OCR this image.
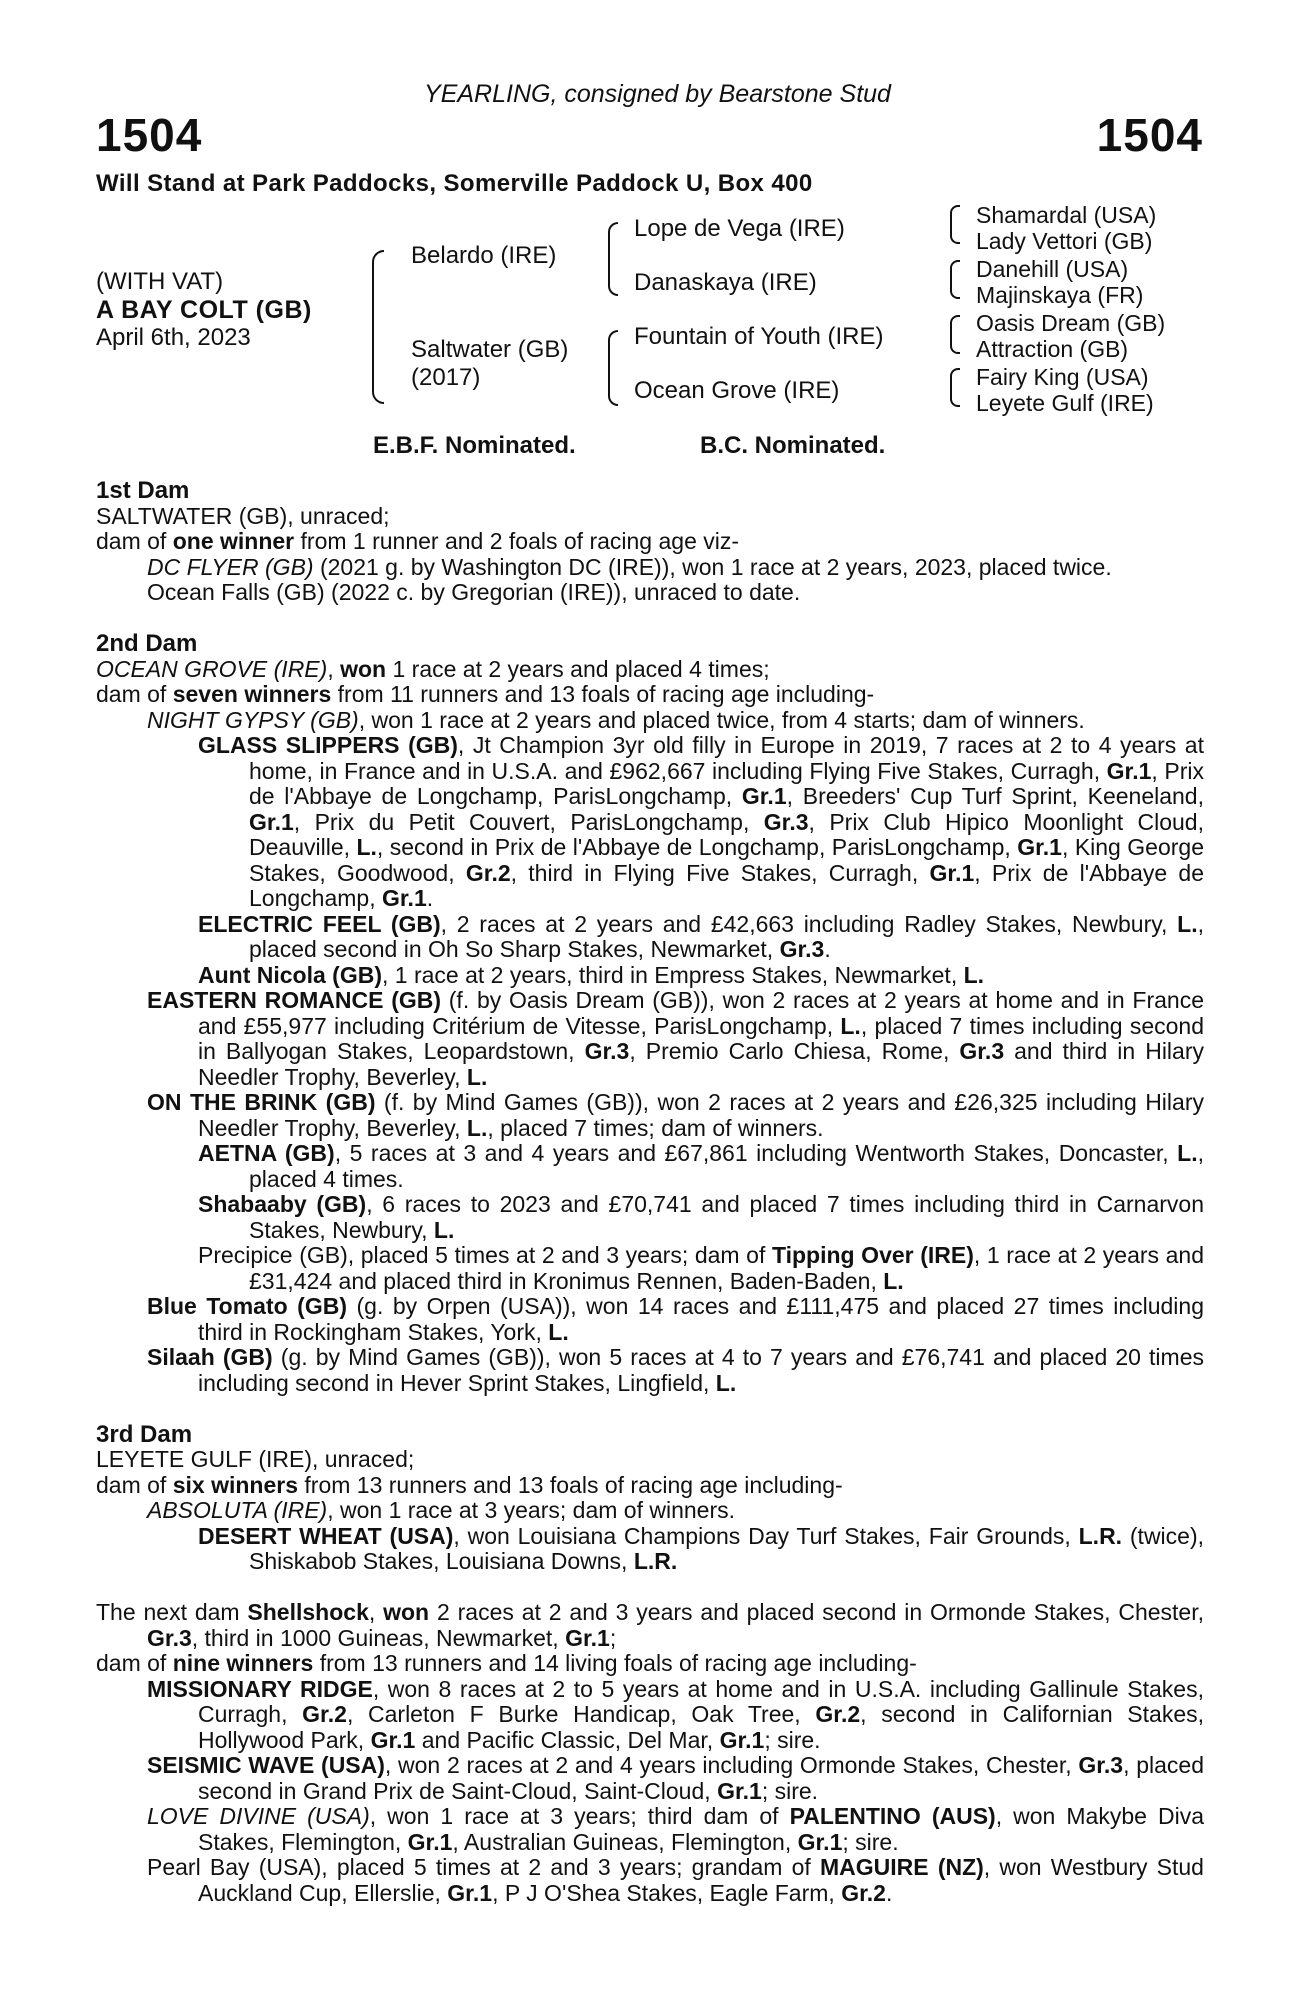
YEARLING, consigned by Bearstone Stud
1504	1504
Will Stand at Park Paddocks, Somerville Paddock U, Box 400
(WITH VAT)
A BAY COLT (GB)
April 6th, 2023
Belardo (IRE)
Saltwater (GB)
(2017)
Lope de Vega (IRE)
Danaskaya (IRE)
Fountain of Youth (IRE)
Ocean Grove (IRE)
Shamardal (USA)
Lady Vettori (GB)
Danehill (USA)
Majinskaya (FR)
Oasis Dream (GB)
Attraction (GB)
Fairy King (USA)
Leyete Gulf (IRE)
E.B.F. Nominated.	B.C. Nominated.

1st Dam

SALTWATER (GB), unraced;

dam of one winner from 1 runner and 2 foals of racing age viz-

DC FLYER (GB) (2021 g. by Washington DC (IRE)), won 1 race at 2 years, 2023, placed twice.

Ocean Falls (GB) (2022 c. by Gregorian (IRE)), unraced to date.

2nd Dam

OCEAN GROVE (IRE), won 1 race at 2 years and placed 4 times;

dam of seven winners from 11 runners and 13 foals of racing age including-

NIGHT GYPSY (GB), won 1 race at 2 years and placed twice, from 4 starts; dam of winners.

GLASS SLIPPERS (GB), Jt Champion 3yr old filly in Europe in 2019, 7 races at 2 to 4 years at home, in France and in U.S.A. and £962,667 including Flying Five Stakes, Curragh, Gr.1, Prix de l'Abbaye de Longchamp, ParisLongchamp, Gr.1, Breeders' Cup Turf Sprint, Keeneland, Gr.1, Prix du Petit Couvert, ParisLongchamp, Gr.3, Prix Club Hipico Moonlight Cloud, Deauville, L., second in Prix de l'Abbaye de Longchamp, ParisLongchamp, Gr.1, King George Stakes, Goodwood, Gr.2, third in Flying Five Stakes, Curragh, Gr.1, Prix de l'Abbaye de Longchamp, Gr.1.

ELECTRIC FEEL (GB), 2 races at 2 years and £42,663 including Radley Stakes, Newbury, L., placed second in Oh So Sharp Stakes, Newmarket, Gr.3.

Aunt Nicola (GB), 1 race at 2 years, third in Empress Stakes, Newmarket, L.

EASTERN ROMANCE (GB) (f. by Oasis Dream (GB)), won 2 races at 2 years at home and in France and £55,977 including Critérium de Vitesse, ParisLongchamp, L., placed 7 times including second in Ballyogan Stakes, Leopardstown, Gr.3, Premio Carlo Chiesa, Rome, Gr.3 and third in Hilary Needler Trophy, Beverley, L.

ON THE BRINK (GB) (f. by Mind Games (GB)), won 2 races at 2 years and £26,325 including Hilary Needler Trophy, Beverley, L., placed 7 times; dam of winners.

AETNA (GB), 5 races at 3 and 4 years and £67,861 including Wentworth Stakes, Doncaster, L., placed 4 times.

Shabaaby (GB), 6 races to 2023 and £70,741 and placed 7 times including third in Carnarvon Stakes, Newbury, L.

Precipice (GB), placed 5 times at 2 and 3 years; dam of Tipping Over (IRE), 1 race at 2 years and £31,424 and placed third in Kronimus Rennen, Baden-Baden, L.

Blue Tomato (GB) (g. by Orpen (USA)), won 14 races and £111,475 and placed 27 times including third in Rockingham Stakes, York, L.

Silaah (GB) (g. by Mind Games (GB)), won 5 races at 4 to 7 years and £76,741 and placed 20 times including second in Hever Sprint Stakes, Lingfield, L.

3rd Dam

LEYETE GULF (IRE), unraced;

dam of six winners from 13 runners and 13 foals of racing age including-

ABSOLUTA (IRE), won 1 race at 3 years; dam of winners.

DESERT WHEAT (USA), won Louisiana Champions Day Turf Stakes, Fair Grounds, L.R. (twice), Shiskabob Stakes, Louisiana Downs, L.R.

The next dam Shellshock, won 2 races at 2 and 3 years and placed second in Ormonde Stakes, Chester, Gr.3, third in 1000 Guineas, Newmarket, Gr.1;

dam of nine winners from 13 runners and 14 living foals of racing age including-

MISSIONARY RIDGE, won 8 races at 2 to 5 years at home and in U.S.A. including Gallinule Stakes, Curragh, Gr.2, Carleton F Burke Handicap, Oak Tree, Gr.2, second in Californian Stakes, Hollywood Park, Gr.1 and Pacific Classic, Del Mar, Gr.1; sire.

SEISMIC WAVE (USA), won 2 races at 2 and 4 years including Ormonde Stakes, Chester, Gr.3, placed second in Grand Prix de Saint-Cloud, Saint-Cloud, Gr.1; sire.

LOVE DIVINE (USA), won 1 race at 3 years; third dam of PALENTINO (AUS), won Makybe Diva Stakes, Flemington, Gr.1, Australian Guineas, Flemington, Gr.1; sire.

Pearl Bay (USA), placed 5 times at 2 and 3 years; grandam of MAGUIRE (NZ), won Westbury Stud Auckland Cup, Ellerslie, Gr.1, P J O'Shea Stakes, Eagle Farm, Gr.2.
